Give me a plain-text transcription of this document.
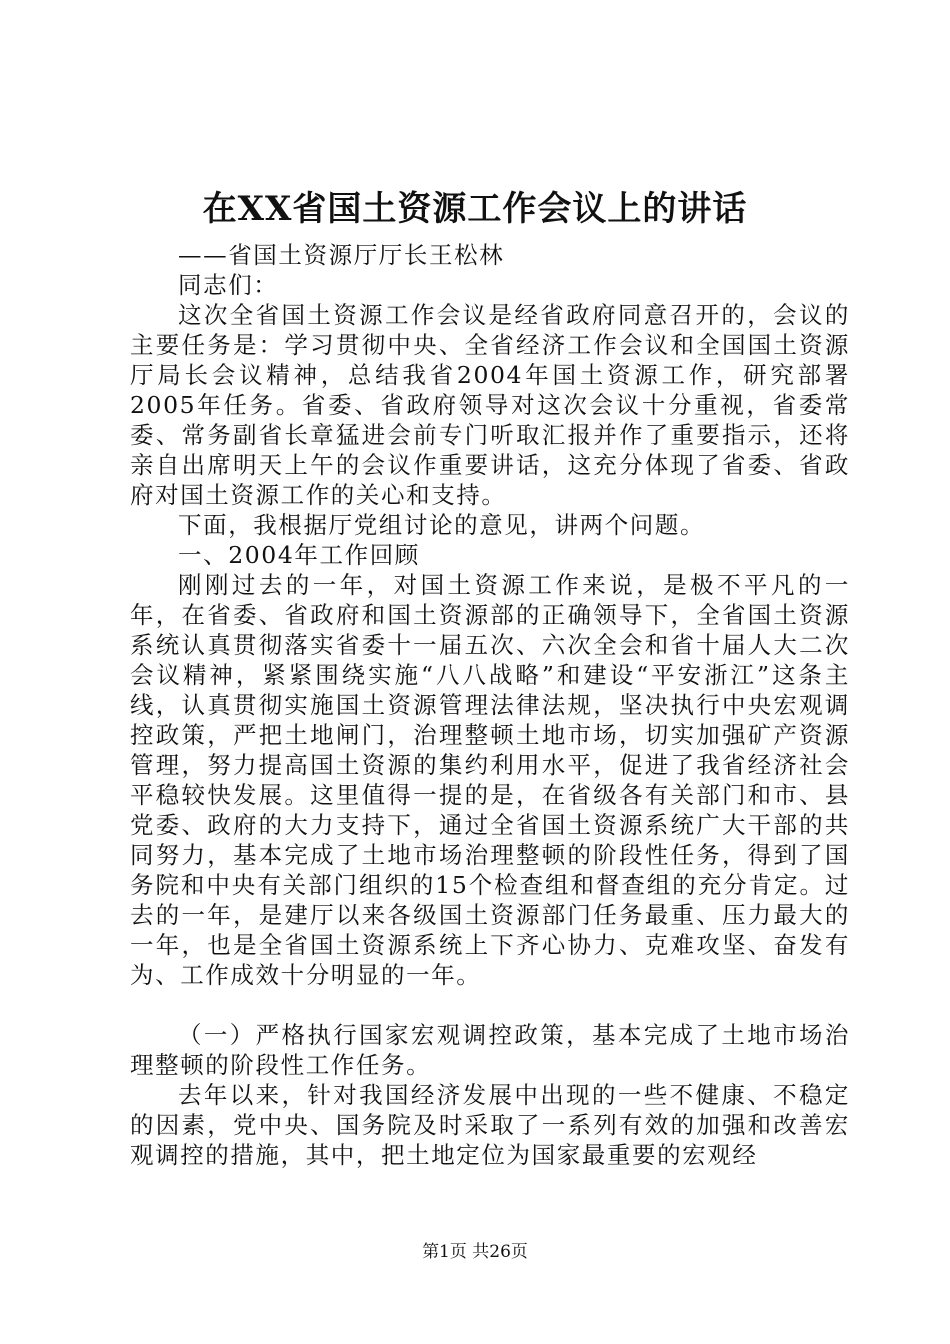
在XX省国土资源工作会议上的讲话

——省国土资源厅厅长王松林

同志们：

这次全省国土资源工作会议是经省政府同意召开的，会议的主要任务是：学习贯彻中央、全省经济工作会议和全国国土资源厅局长会议精神，总结我省2004年国土资源工作，研究部署2005年任务。省委、省政府领导对这次会议十分重视，省委常委、常务副省长章猛进会前专门听取汇报并作了重要指示，还将亲自出席明天上午的会议作重要讲话，这充分体现了省委、省政府对国土资源工作的关心和支持。

下面，我根据厅党组讨论的意见，讲两个问题。

一、2004年工作回顾

刚刚过去的一年，对国土资源工作来说，是极不平凡的一年，在省委、省政府和国土资源部的正确领导下，全省国土资源系统认真贯彻落实省委十一届五次、六次全会和省十届人大二次会议精神，紧紧围绕实施“八八战略”和建设“平安浙江”这条主线，认真贯彻实施国土资源管理法律法规，坚决执行中央宏观调控政策，严把土地闸门，治理整顿土地市场，切实加强矿产资源管理，努力提高国土资源的集约利用水平，促进了我省经济社会平稳较快发展。这里值得一提的是，在省级各有关部门和市、县党委、政府的大力支持下，通过全省国土资源系统广大干部的共同努力，基本完成了土地市场治理整顿的阶段性任务，得到了国务院和中央有关部门组织的15个检查组和督查组的充分肯定。过去的一年，是建厅以来各级国土资源部门任务最重、压力最大的一年，也是全省国土资源系统上下齐心协力、克难攻坚、奋发有为、工作成效十分明显的一年。

（一）严格执行国家宏观调控政策，基本完成了土地市场治理整顿的阶段性工作任务。

去年以来，针对我国经济发展中出现的一些不健康、不稳定的因素，党中央、国务院及时采取了一系列有效的加强和改善宏观调控的措施，其中，把土地定位为国家最重要的宏观经

第1页 共26页
